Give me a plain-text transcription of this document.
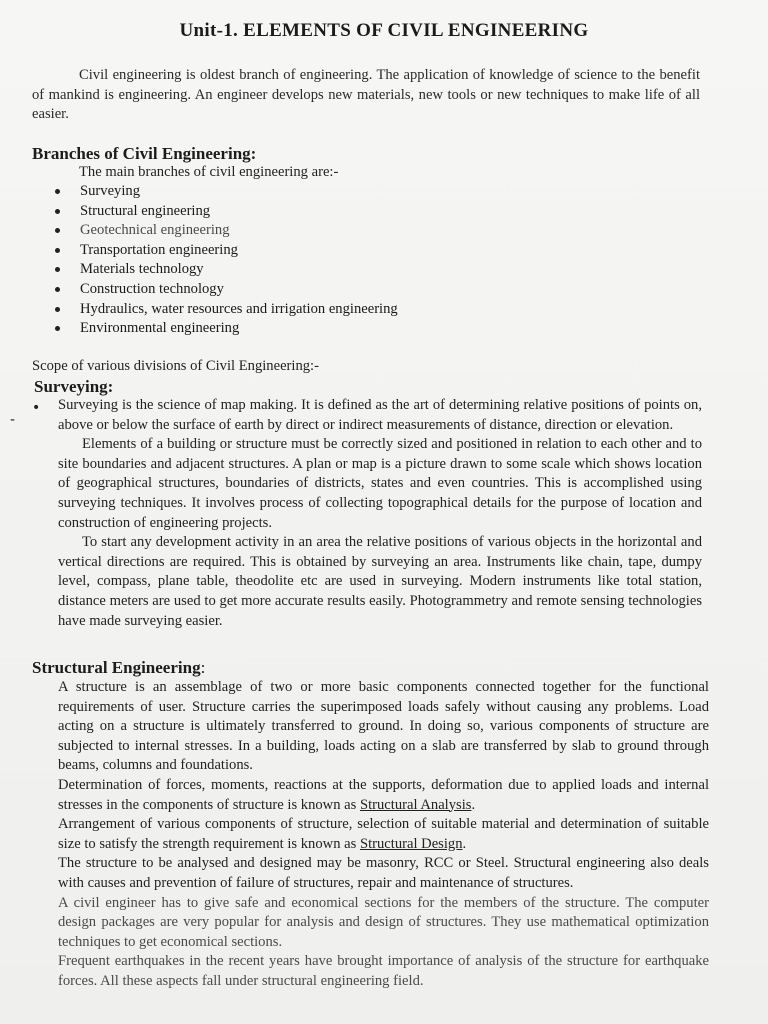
Unit-1. ELEMENTS OF CIVIL ENGINEERING
Civil engineering is oldest branch of engineering. The application of knowledge of science to the benefit of mankind is engineering. An engineer develops new materials, new tools or new techniques to make life of all easier.
Branches of Civil Engineering:
The main branches of civil engineering are:-
Surveying
Structural engineering
Geotechnical engineering
Transportation engineering
Materials technology
Construction technology
Hydraulics, water resources and irrigation engineering
Environmental engineering
Scope of various divisions of Civil Engineering:-
Surveying:
•
-

Surveying is the science of map making. It is defined as the art of determining relative positions of points on, above or below the surface of earth by direct or indirect measurements of distance, direction or elevation.

Elements of a building or structure must be correctly sized and positioned in relation to each other and to site boundaries and adjacent structures. A plan or map is a picture drawn to some scale which shows location of geographical structures, boundaries of districts, states and even countries. This is accomplished using surveying techniques. It involves process of collecting topographical details for the purpose of location and construction of engineering projects.

To start any development activity in an area the relative positions of various objects in the horizontal and vertical directions are required. This is obtained by surveying an area. Instruments like chain, tape, dumpy level, compass, plane table, theodolite etc are used in surveying. Modern instruments like total station, distance meters are used to get more accurate results easily. Photogrammetry and remote sensing technologies have made surveying easier.

Structural Engineering:

A structure is an assemblage of two or more basic components connected together for the functional requirements of user. Structure carries the superimposed loads safely without causing any problems. Load acting on a structure is ultimately transferred to ground. In doing so, various components of structure are subjected to internal stresses. In a building, loads acting on a slab are transferred by slab to ground through beams, columns and foundations.

Determination of forces, moments, reactions at the supports, deformation due to applied loads and internal stresses in the components of structure is known as Structural Analysis.

Arrangement of various components of structure, selection of suitable material and determination of suitable size to satisfy the strength requirement is known as Structural Design.

The structure to be analysed and designed may be masonry, RCC or Steel. Structural engineering also deals with causes and prevention of failure of structures, repair and maintenance of structures.

A civil engineer has to give safe and economical sections for the members of the structure. The computer design packages are very popular for analysis and design of structures. They use mathematical optimization techniques to get economical sections.

Frequent earthquakes in the recent years have brought importance of analysis of the structure for earthquake forces. All these aspects fall under structural engineering field.
